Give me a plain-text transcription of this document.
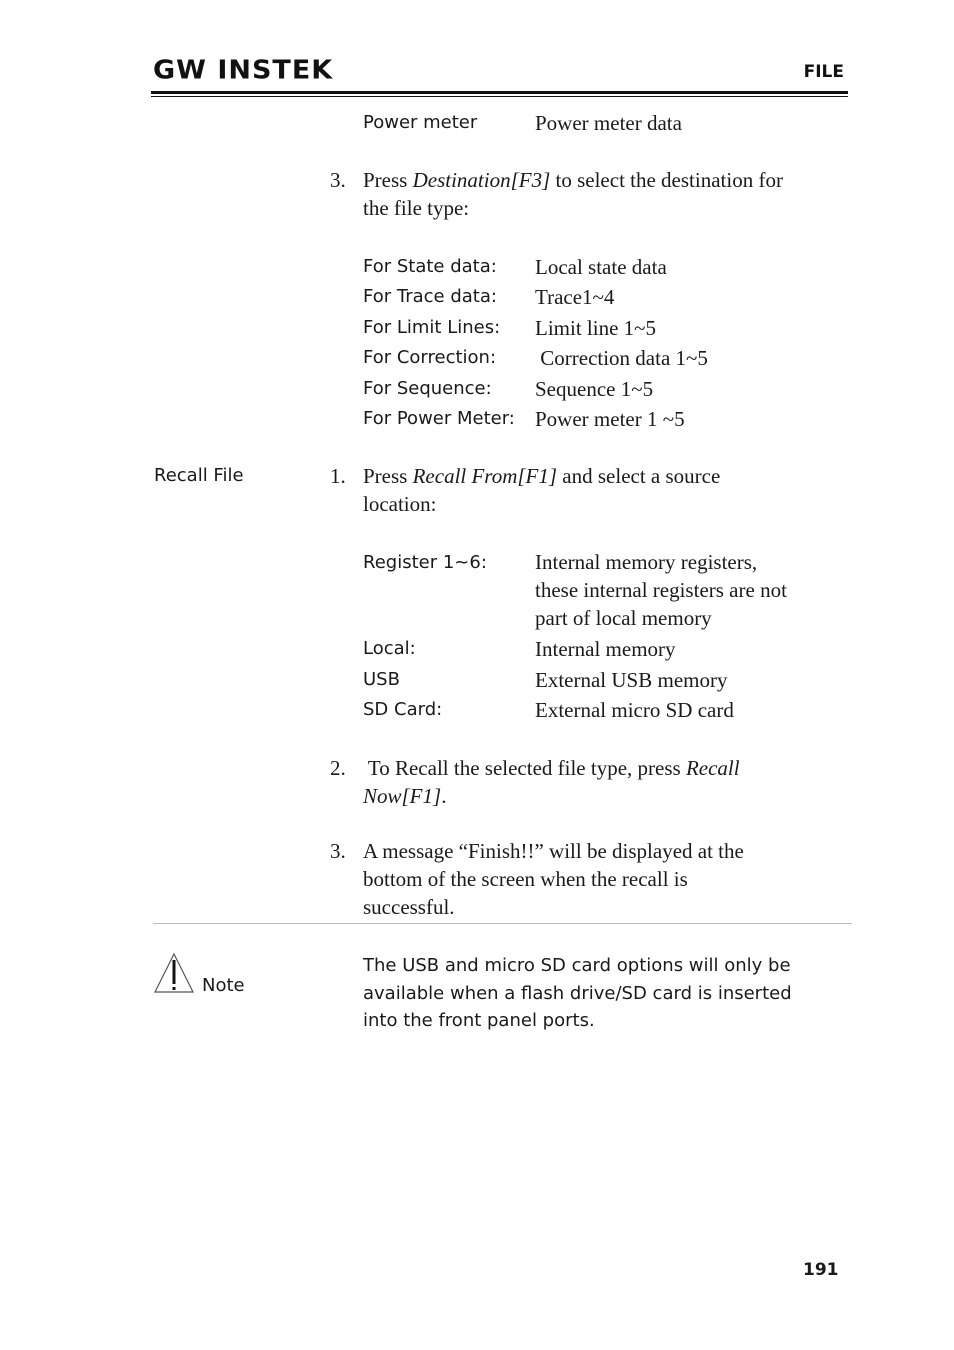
GW INSTEK	FILE
Power meter	Power meter data
3. Press Destination[F3] to select the destination for
the file type:
For State data: Local state data
For Trace data: Trace1~4
For Limit Lines: Limit line 1~5
For Correction: Correction data 1~5
For Sequence: Sequence 1~5
For Power Meter: Power meter 1 ~5
Recall File	1. Press Recall From[F1] and select a source
location:
Register 1~6: Internal memory registers,
these internal registers are not
part of local memory
Local:	Internal memory
USB	External USB memory
SD Card:	External micro SD card
2. To Recall the selected file type, press Recall
Now[F1].
3. A message “Finish!!” will be displayed at the
bottom of the screen when the recall is
successful.
Note
The USB and micro SD card options will only be
available when a flash drive/SD card is inserted
into the front panel ports.
191
